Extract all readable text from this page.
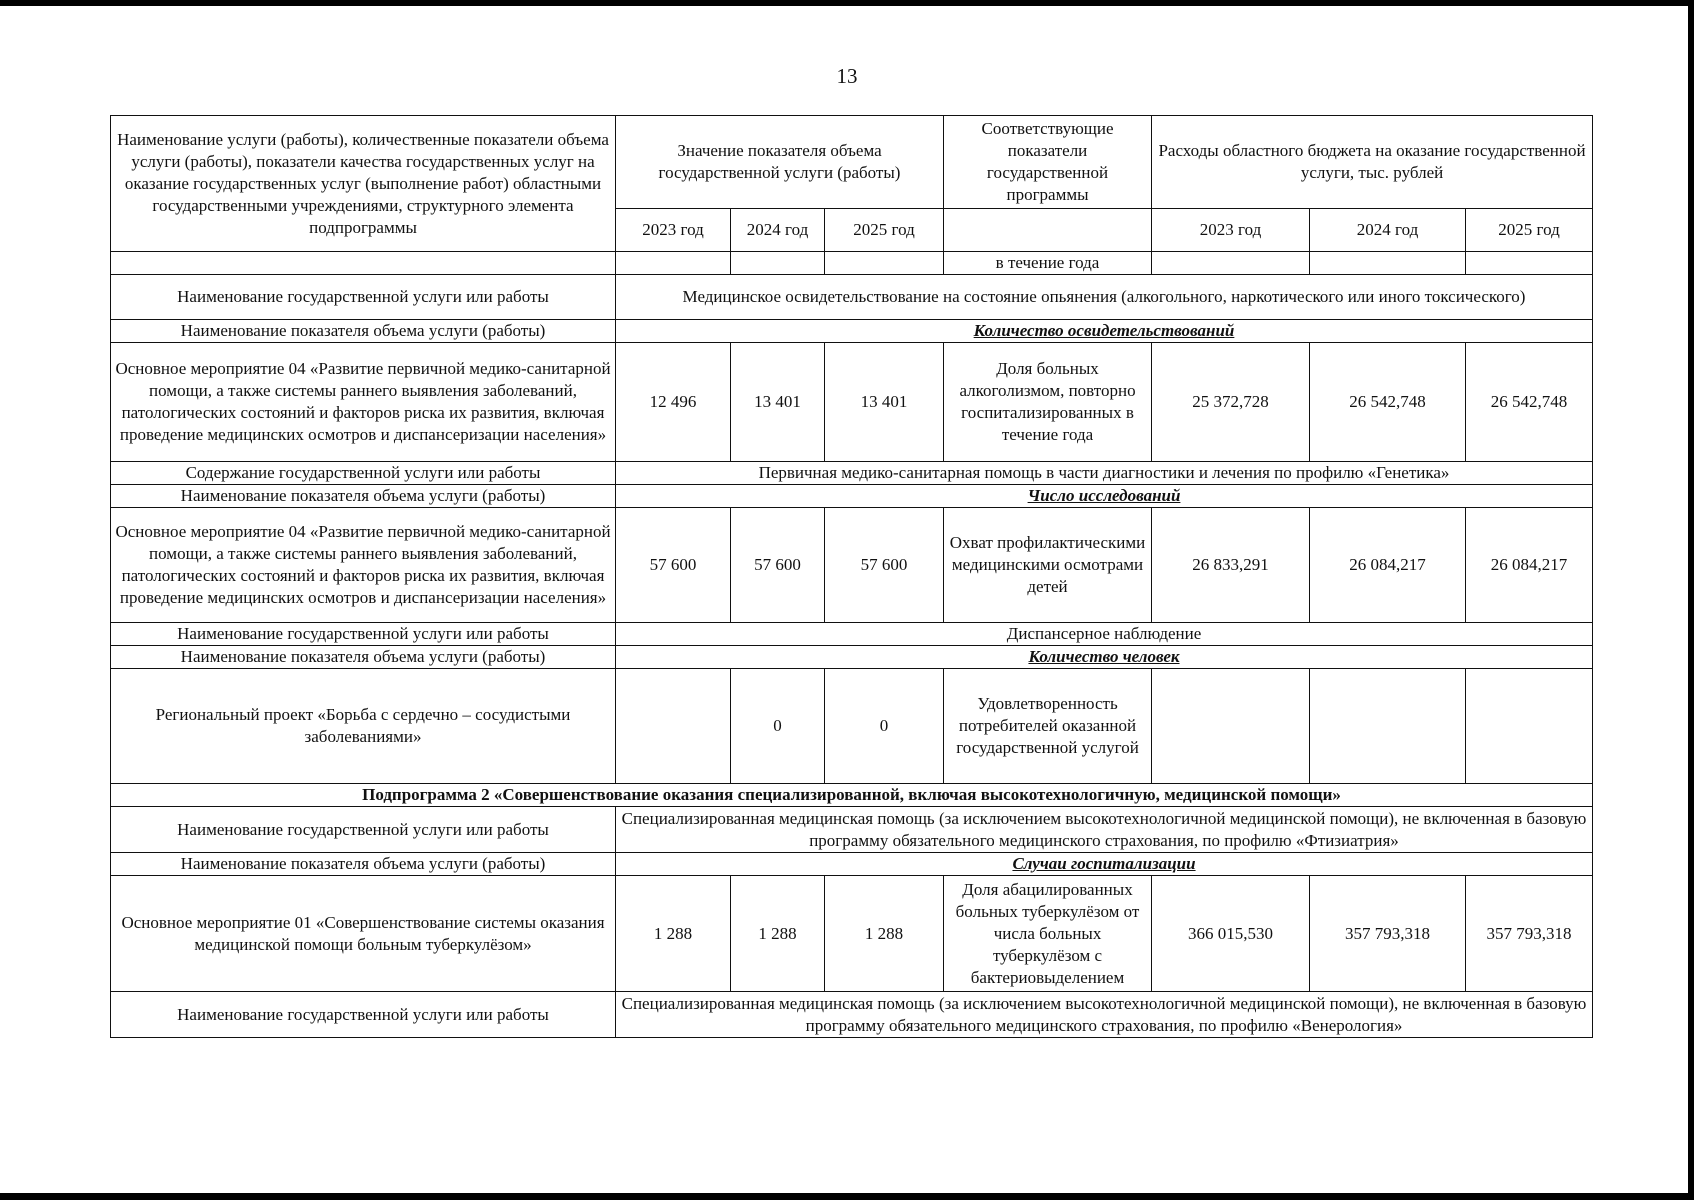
13
Наименование услуги (работы), количественные показатели объема услуги (работы), показатели качества государственных услуг на оказание государственных услуг (выполнение работ) областными государственными учреждениями, структурного элемента подпрограммы	Значение показателя объема государственной услуги (работы)			Соответствующие показатели государственной программы	Расходы областного бюджета на оказание государственной услуги, тыс. рублей		
	2023 год	2024 год	2025 год		2023 год	2024 год	2025 год
				в течение года			
Наименование государственной услуги или работы	Медицинское освидетельствование на состояние опьянения (алкогольного, наркотического или иного токсического)						
Наименование показателя объема услуги (работы)	Количество освидетельствований						
Основное мероприятие 04 «Развитие первичной медико-санитарной помощи, а также системы раннего выявления заболеваний, патологических состояний и факторов риска их развития, включая проведение медицинских осмотров и диспансеризации населения»	12 496	13 401	13 401	Доля больных алкоголизмом, повторно госпитализированных в течение года	25 372,728	26 542,748	26 542,748
Содержание государственной услуги или работы	Первичная медико-санитарная помощь в части диагностики и лечения по профилю «Генетика»						
Наименование показателя объема услуги (работы)	Число исследований						
Основное мероприятие 04 «Развитие первичной медико-санитарной помощи, а также системы раннего выявления заболеваний, патологических состояний и факторов риска их развития, включая проведение медицинских осмотров и диспансеризации населения»	57 600	57 600	57 600	Охват профилактическими медицинскими осмотрами детей	26 833,291	26 084,217	26 084,217
Наименование государственной услуги или работы	Диспансерное наблюдение						
Наименование показателя объема услуги (работы)	Количество человек						
Региональный проект «Борьба с сердечно – сосудистыми заболеваниями»		0	0	Удовлетворенность потребителей оказанной государственной услугой			
Подпрограмма 2 «Совершенствование оказания специализированной, включая высокотехнологичную, медицинской помощи»							
Наименование государственной услуги или работы	Специализированная медицинская помощь (за исключением высокотехнологичной медицинской помощи), не включенная в базовую программу обязательного медицинского страхования, по профилю «Фтизиатрия»						
Наименование показателя объема услуги (работы)	Случаи госпитализации						
Основное мероприятие 01 «Совершенствование системы оказания медицинской помощи больным туберкулёзом»	1 288	1 288	1 288	Доля абацилированных больных туберкулёзом от числа больных туберкулёзом с бактериовыделением	366 015,530	357 793,318	357 793,318
Наименование государственной услуги или работы	Специализированная медицинская помощь (за исключением высокотехнологичной медицинской помощи), не включенная в базовую программу обязательного медицинского страхования, по профилю «Венерология»						
